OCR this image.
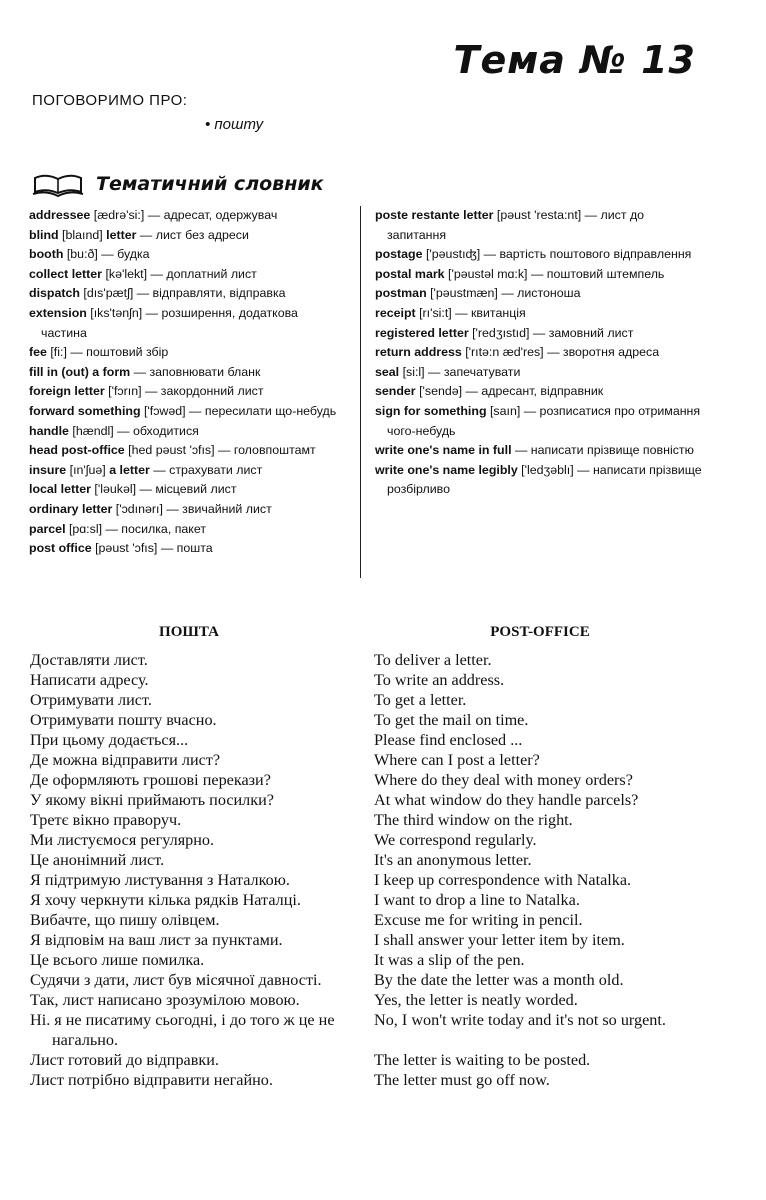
Тема № 13
ПОГОВОРИМО ПРО:
• пошту
Тематичний словник
addressee [ædrə'si:] — адресат, одержувач
blind [blaınd] letter — лист без адреси
booth [bu:ð] — будка
collect letter [kə'lekt] — доплатний лист
dispatch [dıs'pætʃ] — відправляти, відправка
extension [ıks'tənʃn] — розширення, додаткова частина
fee [fi:] — поштовий збір
fill in (out) a form — заповнювати бланк
foreign letter ['fɔrın] — закордонний лист
forward something ['fɔwəd] — пересилати що-небудь
handle [hændl] — обходитися
head post-office [hed pəust 'ɔfıs] — головпоштамт
insure [ın'ʃuə] a letter — страхувати лист
local letter ['ləukəl] — місцевий лист
ordinary letter ['ɔdınərı] — звичайний лист
parcel [pɑ:sl] — посилка, пакет
post office [pəust 'ɔfıs] — пошта
poste restante letter [pəust 'resta:nt] — лист до запитання
postage ['pəustıʤ] — вартість поштового відправлення
postal mark ['pəustəl mɑ:k] — поштовий штемпель
postman ['pəustmæn] — листоноша
receipt [rı'si:t] — квитанція
registered letter ['redʒıstıd] — замовний лист
return address ['rıtə:n æd'res] — зворотня адреса
seal [si:l] — запечатувати
sender ['sendə] — адресант, відправник
sign for something [saın] — розписатися про отримання чого-небудь
write one's name in full — написати прізвище повністю
write one's name legibly ['ledʒəblı] — написати прізвище розбірливо
ПОШТА	POST-OFFICE
Доставляти лист.
Написати адресу.
Отримувати лист.
Отримувати пошту вчасно.
При цьому додається...
Де можна відправити лист?
Де оформляють грошові перекази?
У якому вікні приймають посилки?
Третє вікно праворуч.
Ми листуємося регулярно.
Це анонімний лист.
Я підтримую листування з Наталкою.
Я хочу черкнути кілька рядків Наталці.
Вибачте, що пишу олівцем.
Я відповім на ваш лист за пунктами.
Це всього лише помилка.
Судячи з дати, лист був місячної давності.
Так, лист написано зрозумілою мовою.
Ні. я не писатиму сьогодні, і до того ж це не нагально.
Лист готовий до відправки.
Лист потрібно відправити негайно.
To deliver a letter.
To write an address.
To get a letter.
To get the mail on time.
Please find enclosed ...
Where can I post a letter?
Where do they deal with money orders?
At what window do they handle parcels?
The third window on the right.
We correspond regularly.
It's an anonymous letter.
I keep up correspondence with Natalka.
I want to drop a line to Natalka.
Excuse me for writing in pencil.
I shall answer your letter item by item.
It was a slip of the pen.
By the date the letter was a month old.
Yes, the letter is neatly worded.
No, I won't write today and it's not so urgent.
The letter is waiting to be posted.
The letter must go off now.
